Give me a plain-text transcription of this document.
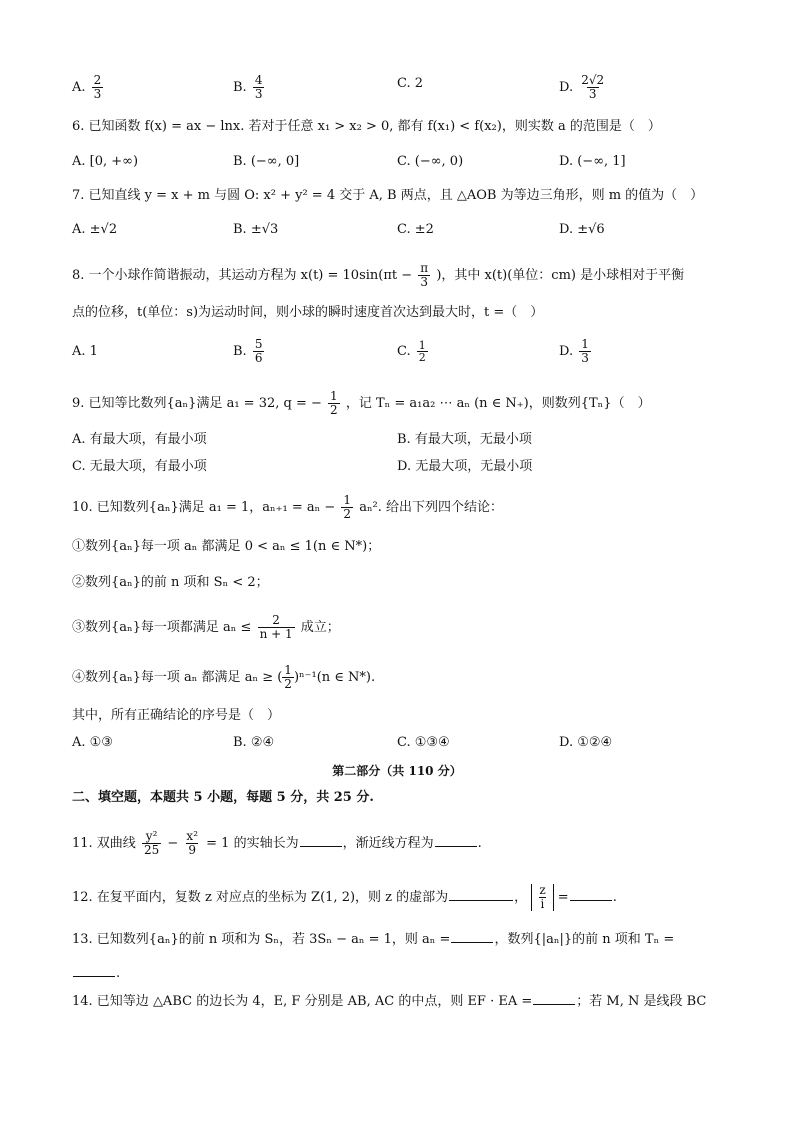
A. $\frac{2}{3}$	B. $\frac{4}{3}$	C. 2	D. $\frac{2√2}{3}$
6. 已知函数 f(x) = ax − lnx. 若对于任意 x₁ > x₂ > 0, 都有 f(x₁) < f(x₂)，则实数 a 的范围是（　）
A. [0, +∞)	B. (−∞, 0]	C. (−∞, 0)	D. (−∞, 1]
7. 已知直线 y = x + m 与圆 O: x² + y² = 4 交于 A, B 两点，且 △AOB 为等边三角形，则 m 的值为（　）
A. ±√2	B. ±√3	C. ±2	D. ±√6
8. 一个小球作简谐振动，其运动方程为 $x(t) = 10\sin(\pi t - \frac{\pi}{3}$ )，其中 x(t)(单位：cm) 是小球相对于平衡
点的位移，t(单位：s)为运动时间，则小球的瞬时速度首次达到最大时，t =（　）
A. 1	B. $\frac{5}{6}$	C. $\frac{1}{2}$	D. $\frac{1}{3}$
9. 已知等比数列{aₙ}满足 a₁ = 32, q = − $\frac{1}{2}$ ，记 Tₙ = a₁a₂ ⋯ aₙ (n ∈ N₊)，则数列{Tₙ}（　）
A. 有最大项，有最小项	B. 有最大项，无最小项
C. 无最大项，有最小项	D. 无最大项，无最小项
10. 已知数列{aₙ}满足 a₁ = 1，$a_{n+1} = a_n - \frac{1}{2} a_n^2$. 给出下列四个结论：
①数列{aₙ}每一项 aₙ 都满足 0 < aₙ ≤ 1(n ∈ N*)；
②数列{aₙ}的前 n 项和 Sₙ < 2；
③数列{aₙ}每一项都满足 $a_n \le \frac{2}{n + 1}$ 成立；
④数列{aₙ}每一项 aₙ 都满足 aₙ ≥ ( $\frac{1}{2} )^{n-1}(n$ ∈ N*).
其中，所有正确结论的序号是（　）
A. ①③	B. ②④	C. ①③④	D. ①②④
第二部分（共 110 分）
二、填空题，本题共 5 小题，每题 5 分，共 25 分.
11. 双曲线 $\frac{\text{y²}}{25} - \frac{\text{x²}}{9} = 1$ 的实轴长为	，渐近线方程为	.
12. 在复平面内，复数 z 对应点的坐标为 Z(1, 2)，则 z 的虚部为	， $\frac{z}{i}$ =	.
13. 已知数列{aₙ}的前 n 项和为 Sₙ，若 3Sₙ − aₙ = 1，则 aₙ =	，数列{|aₙ|}的前 n 项和 Tₙ =
.
14. 已知等边 △ABC 的边长为 4，E, F 分别是 AB, AC 的中点，则 EF · EA =	；若 M, N 是线段 BC
